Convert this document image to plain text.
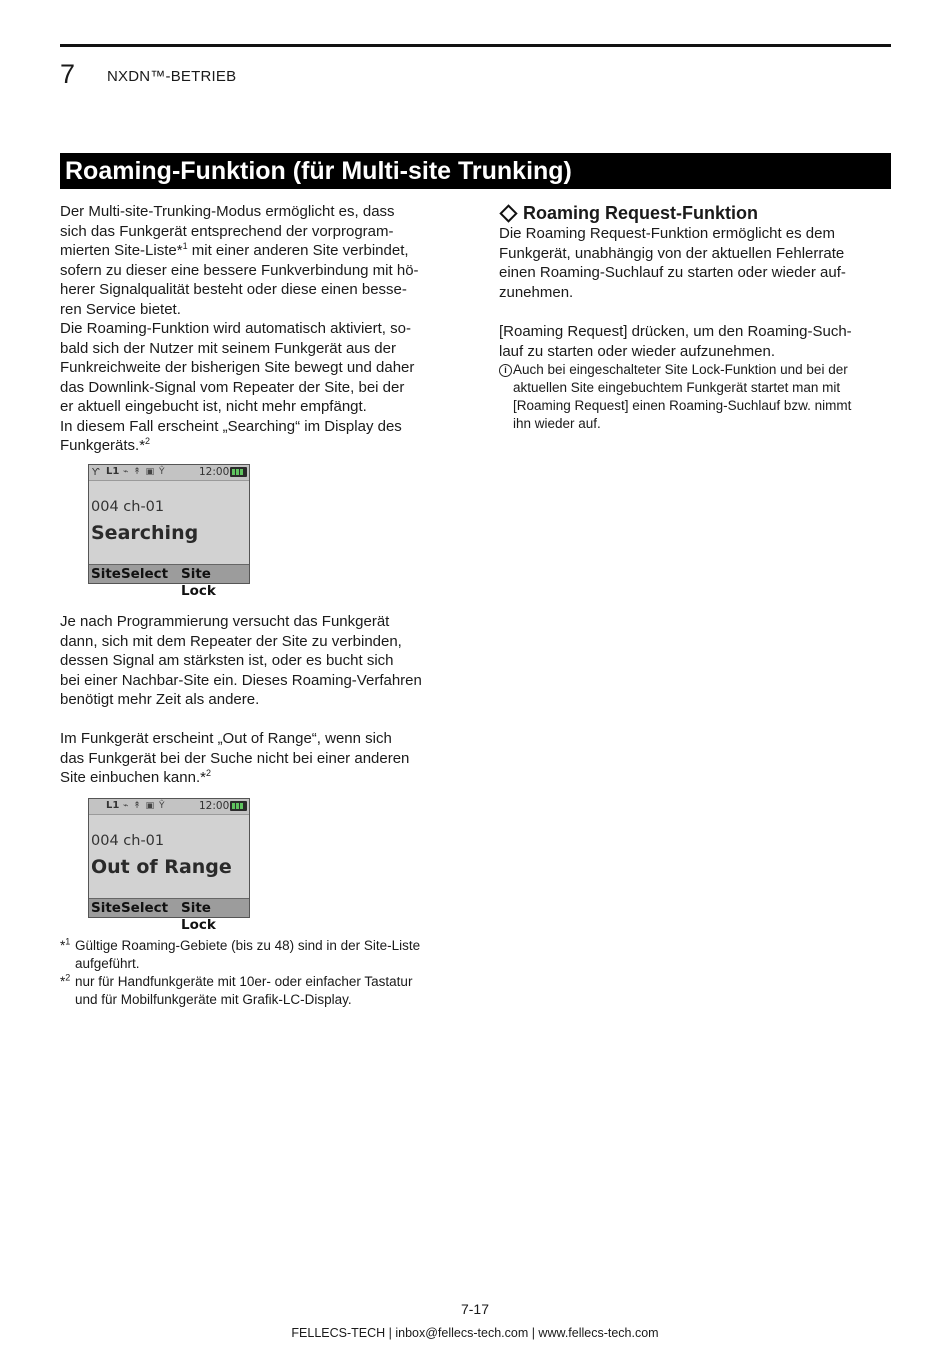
7 NXDN™-BETRIEB
Roaming-Funktion (für Multi-site Trunking)
Der Multi-site-Trunking-Modus ermöglicht es, dass
sich das Funkgerät entsprechend der vorprogram-
mierten Site-Liste*$^1$ mit einer anderen Site verbindet,
sofern zu dieser eine bessere Funkverbindung mit hö-
herer Signalqualität besteht oder diese einen besse-
ren Service bietet.
Die Roaming-Funktion wird automatisch aktiviert, so-
bald sich der Nutzer mit seinem Funkgerät aus der
Funkreichweite der bisherigen Site bewegt und daher
das Downlink-Signal vom Repeater der Site, bei der
er aktuell eingebucht ist, nicht mehr empfängt.
In diesem Fall erscheint „Searching“ im Display des
Funkgeräts.*$^2$
Ƴ L1 ⌁ ↟ ▣ Ŷ	12:00
004 ch-01
Searching
SiteSelect Site Lock
Je nach Programmierung versucht das Funkgerät
dann, sich mit dem Repeater der Site zu verbinden,
dessen Signal am stärksten ist, oder es bucht sich
bei einer Nachbar-Site ein. Dieses Roaming-Verfahren
benötigt mehr Zeit als andere.
Im Funkgerät erscheint „Out of Range“, wenn sich
das Funkgerät bei der Suche nicht bei einer anderen
Site einbuchen kann.*$^2$
L1 ⌁ ↟ ▣ Ŷ	12:00
004 ch-01
Out of Range
SiteSelect Site Lock
*$^1$ Gültige Roaming-Gebiete (bis zu 48) sind in der Site-Liste
aufgeführt.
*$^2$ nur für Handfunkgeräte mit 10er- oder einfacher Tastatur
und für Mobilfunkgeräte mit Grafik-LC-Display.
Roaming Request-Funktion
Die Roaming Request-Funktion ermöglicht es dem
Funkgerät, unabhängig von der aktuellen Fehlerrate
einen Roaming-Suchlauf zu starten oder wieder auf-
zunehmen.
[Roaming Request] drücken, um den Roaming-Such-
lauf zu starten oder wieder aufzunehmen.
i Auch bei eingeschalteter Site Lock-Funktion und bei der
aktuellen Site eingebuchtem Funkgerät startet man mit
[Roaming Request] einen Roaming-Suchlauf bzw. nimmt
ihn wieder auf.
7-17
FELLECS-TECH | inbox@fellecs-tech.com | www.fellecs-tech.com
